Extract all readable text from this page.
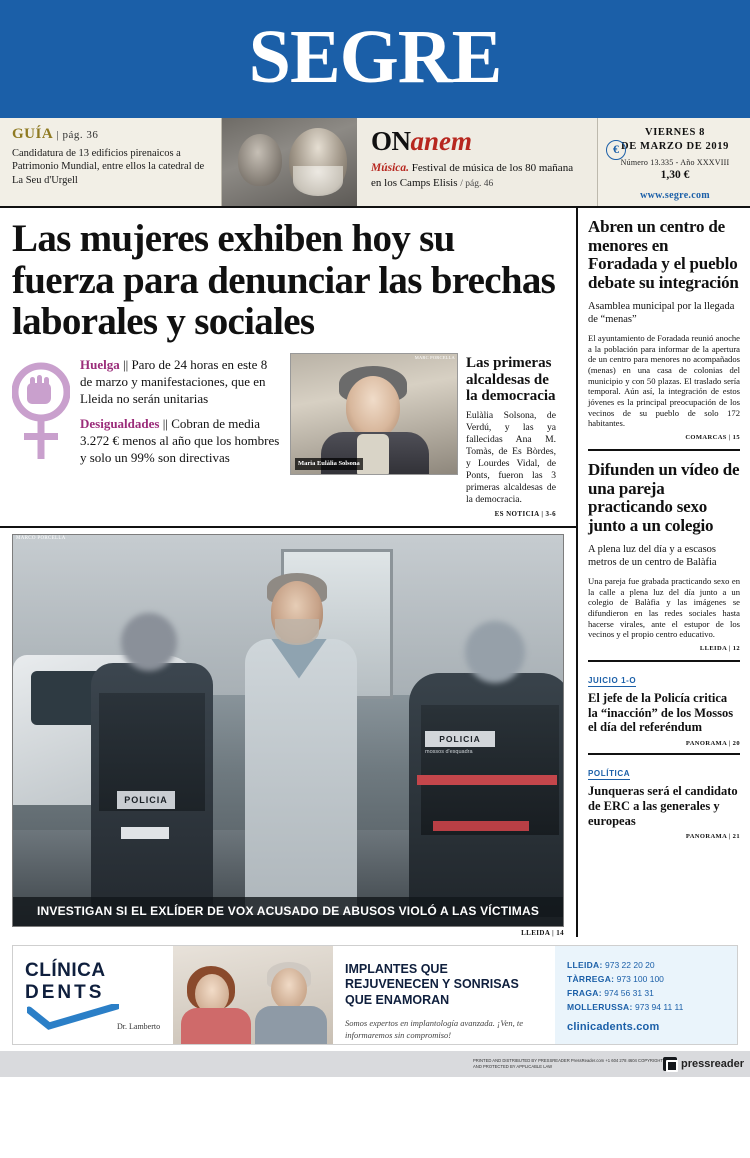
SEGRE
GUÍA | pág. 36

Candidatura de 13 edificios pirenaicos a Patrimonio Mundial, entre ellos la catedral de La Seu d'Urgell

ONanem

Música. Festival de música de los 80 mañana en los Camps Elisis / pág. 46

€
VIERNES 8
DE MARZO DE 2019
Número 13.335 - Año XXXVIII
1,30 €
www.segre.com
Las mujeres exhiben hoy su fuerza para denunciar las brechas laborales y sociales

Huelga || Paro de 24 horas en este 8 de marzo y manifestaciones, que en Lleida no serán unitarias

Desigualdades || Cobran de media 3.272 € menos al año que los hombres y solo un 99% son directivas

MARC PORCELLA
Maria Eulàlia Solsona
Las primeras alcaldesas de la democracia

Eulàlia Solsona, de Verdú, y las ya fallecidas Ana M. Tomàs, de Es Bòrdes, y Lourdes Vidal, de Ponts, fueron las 3 primeras alcaldesas de la democracia.

ES NOTICIA | 3-6
POLICIA
POLICIA
mossos d'esquadra
MARCO PORCELLA
INVESTIGAN SI EL EXLÍDER DE VOX ACUSADO DE ABUSOS VIOLÓ A LAS VÍCTIMAS
LLEIDA | 14
Abren un centro de menores en Foradada y el pueblo debate su integración
Asamblea municipal por la llegada de “menas”

El ayuntamiento de Foradada reunió anoche a la población para informar de la apertura de un centro para menores no acompañados (menas) en una casa de colonias del municipio y con 50 plazas. El traslado sería temporal. Aún así, la integración de estos jóvenes es la principal preocupación de los vecinos de su pueblo de solo 172 habitantes.

COMARCAS | 15
Difunden un vídeo de una pareja practicando sexo junto a un colegio
A plena luz del día y a escasos metros de un centro de Balàfia

Una pareja fue grabada practicando sexo en la calle a plena luz del día junto a un colegio de Balàfia y las imágenes se difundieron en las redes sociales hasta hacerse virales, ante el estupor de los vecinos y el propio centro educativo.

LLEIDA | 12
JUICIO 1-O
El jefe de la Policía critica la “inacción” de los Mossos el día del referéndum
PANORAMA | 20
POLÍTICA
Junqueras será el candidato de ERC a las generales y europeas
PANORAMA | 21
CLÍNICA
DENTS
Dr. Lamberto
IMPLANTES QUE REJUVENECEN Y SONRISAS QUE ENAMORAN
Somos expertos en implantología avanzada. ¡Ven, te informaremos sin compromiso!
LLEIDA: 973 22 20 20
TÀRREGA: 973 100 100
FRAGA: 974 56 31 31
MOLLERUSSA: 973 94 11 11
clinicadents.com
PRINTED AND DISTRIBUTED BY PRESSREADER PressReader.com +1 604 278 4604 COPYRIGHT AND PROTECTED BY APPLICABLE LAW	pressreader
